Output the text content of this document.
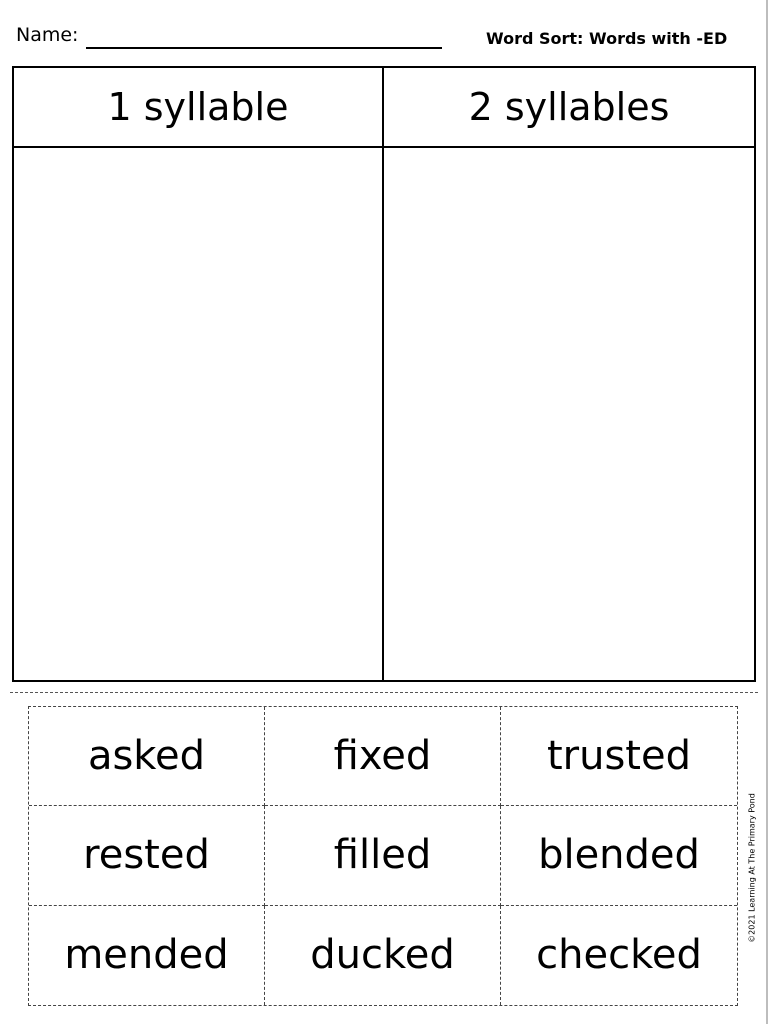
Name:	Word Sort: Words with -ED
1 syllable	2 syllables
asked	fixed	trusted
rested	filled	blended
mended	ducked	checked
©2021 Learning At The Primary Pond
